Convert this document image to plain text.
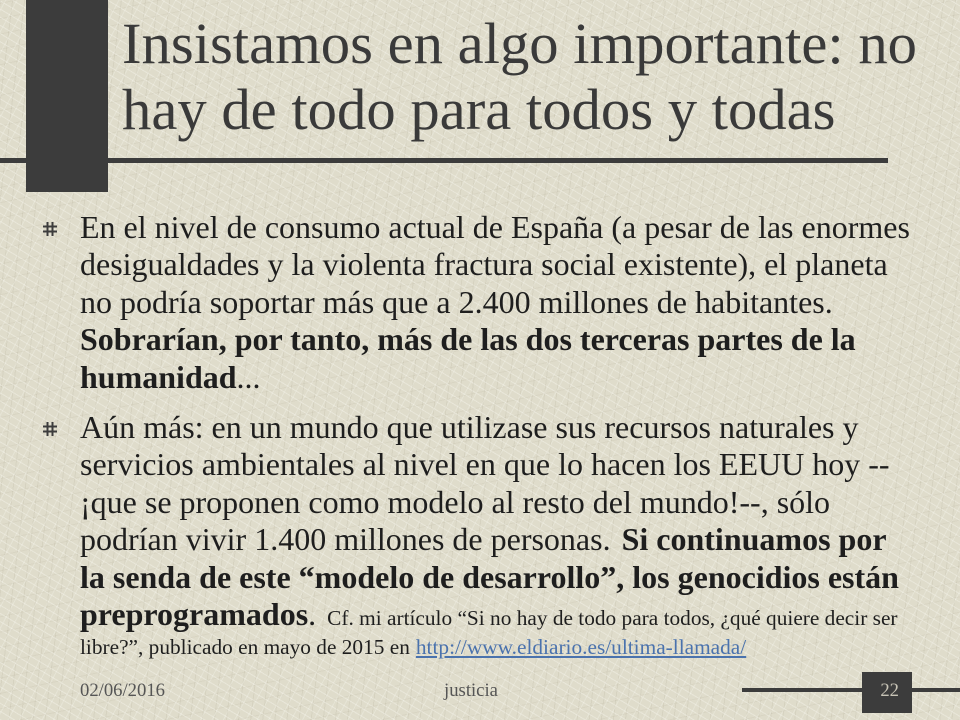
Insistamos en algo importante: no hay de todo para todos y todas
En el nivel de consumo actual de España (a pesar de las enormes
desigualdades y la violenta fractura social existente), el planeta
no podría soportar más que a 2.400 millones de habitantes.
Sobrarían, por tanto, más de las dos terceras partes de la
humanidad ...
Aún más: en un mundo que utilizase sus recursos naturales y
servicios ambientales al nivel en que lo hacen los EEUU hoy --
¡que se proponen como modelo al resto del mundo!--, sólo
podrían vivir 1.400 millones de personas. Si continuamos por
la senda de este “modelo de desarrollo”, los genocidios están
preprogramados . Cf. mi artículo “Si no hay de todo para todos, ¿qué quiere decir ser
libre?”, publicado en mayo de 2015 en http://www.eldiario.es/ultima-llamada/
02/06/2016	justicia	22
